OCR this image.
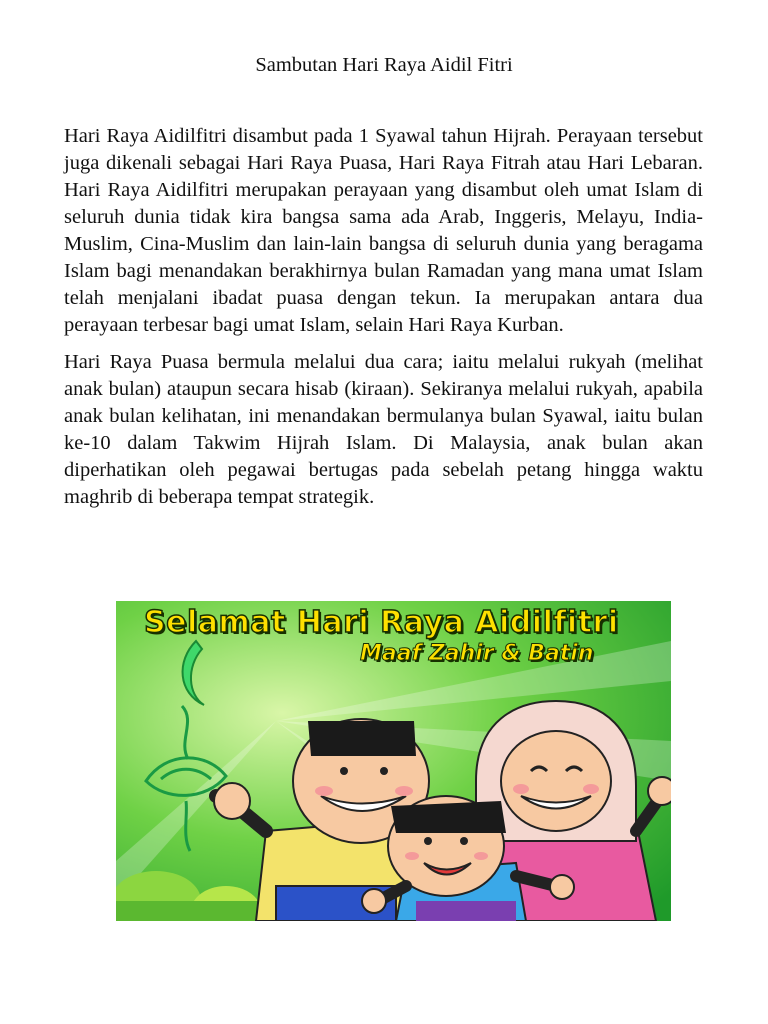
Sambutan Hari Raya Aidil Fitri

Hari Raya Aidilfitri disambut pada 1 Syawal tahun Hijrah. Perayaan tersebut juga dikenali sebagai Hari Raya Puasa, Hari Raya Fitrah atau Hari Lebaran. Hari Raya Aidilfitri merupakan perayaan yang disambut oleh umat Islam di seluruh dunia tidak kira bangsa sama ada Arab, Inggeris, Melayu, India-Muslim, Cina-Muslim dan lain-lain bangsa di seluruh dunia yang beragama Islam bagi menandakan berakhirnya bulan Ramadan yang mana umat Islam telah menjalani ibadat puasa dengan tekun. Ia merupakan antara dua perayaan terbesar bagi umat Islam, selain Hari Raya Kurban.

Hari Raya Puasa bermula melalui dua cara; iaitu melalui rukyah (melihat anak bulan) ataupun secara hisab (kiraan). Sekiranya melalui rukyah, apabila anak bulan kelihatan, ini menandakan bermulanya bulan Syawal, iaitu bulan ke-10 dalam Takwim Hijrah Islam. Di Malaysia, anak bulan akan diperhatikan oleh pegawai bertugas pada sebelah petang hingga waktu maghrib di beberapa tempat strategik.

Selamat Hari Raya Aidilfitri
Maaf Zahir & Batin
